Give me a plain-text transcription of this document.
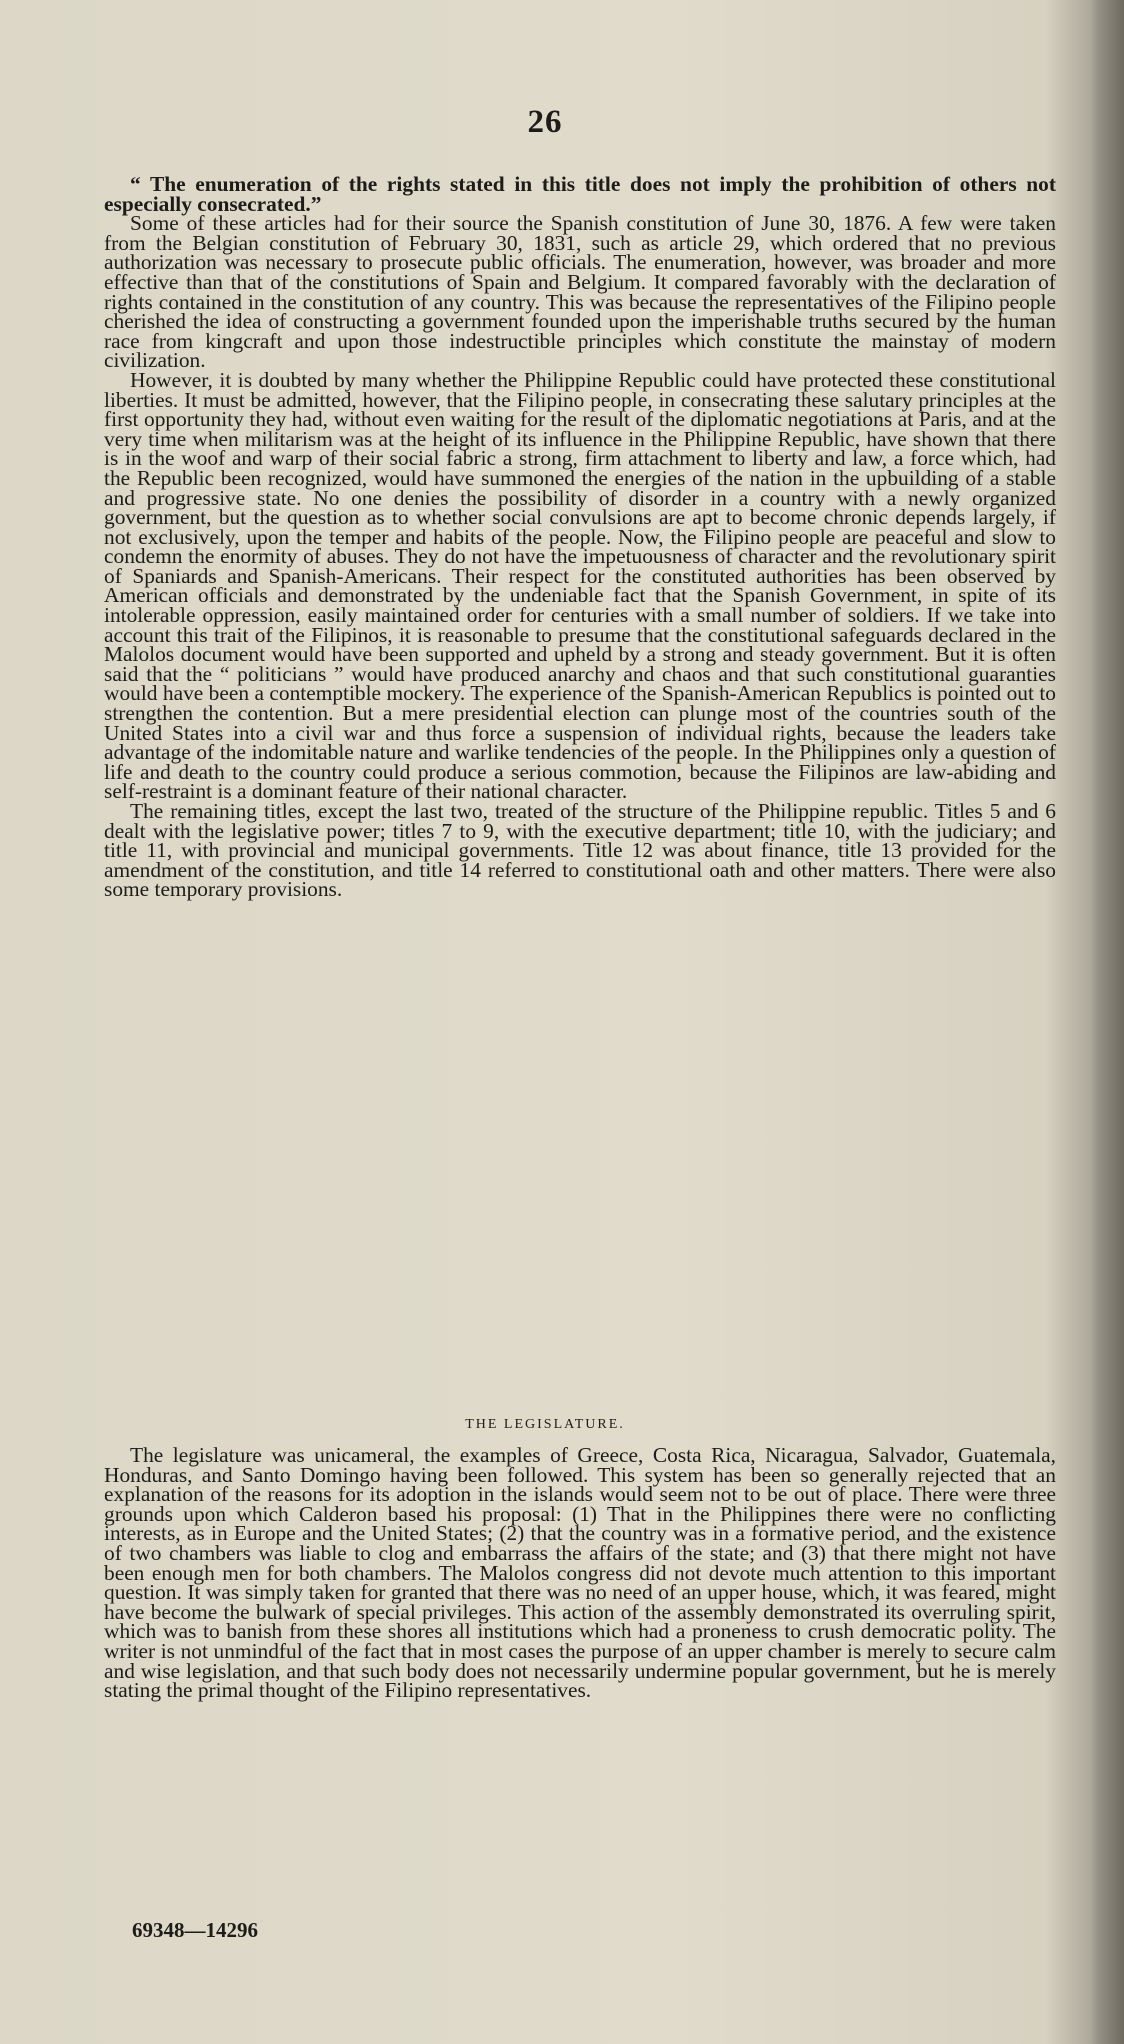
26

“ The enumeration of the rights stated in this title does not imply the prohibition of others not especially consecrated.”

Some of these articles had for their source the Spanish constitution of June 30, 1876. A few were taken from the Belgian constitution of February 30, 1831, such as article 29, which ordered that no previous authorization was necessary to prosecute public officials. The enumeration, however, was broader and more effective than that of the constitutions of Spain and Belgium. It compared favorably with the declaration of rights contained in the constitution of any country. This was because the representatives of the Filipino people cherished the idea of constructing a government founded upon the imperishable truths secured by the human race from kingcraft and upon those indestructible principles which constitute the mainstay of modern civilization.

However, it is doubted by many whether the Philippine Republic could have protected these constitutional liberties. It must be admitted, however, that the Filipino people, in consecrating these salutary principles at the first opportunity they had, without even waiting for the result of the diplomatic negotiations at Paris, and at the very time when militarism was at the height of its influence in the Philippine Republic, have shown that there is in the woof and warp of their social fabric a strong, firm attachment to liberty and law, a force which, had the Republic been recognized, would have summoned the energies of the nation in the upbuilding of a stable and progressive state. No one denies the possibility of disorder in a country with a newly organized government, but the question as to whether social convulsions are apt to become chronic depends largely, if not exclusively, upon the temper and habits of the people. Now, the Filipino people are peaceful and slow to condemn the enormity of abuses. They do not have the impetuousness of character and the revolutionary spirit of Spaniards and Spanish-Americans. Their respect for the constituted authorities has been observed by American officials and demonstrated by the undeniable fact that the Spanish Government, in spite of its intolerable oppression, easily maintained order for centuries with a small number of soldiers. If we take into account this trait of the Filipinos, it is reasonable to presume that the constitutional safeguards declared in the Malolos document would have been supported and upheld by a strong and steady government. But it is often said that the “ politicians ” would have produced anarchy and chaos and that such constitutional guaranties would have been a contemptible mockery. The experience of the Spanish-American Republics is pointed out to strengthen the contention. But a mere presidential election can plunge most of the countries south of the United States into a civil war and thus force a suspension of individual rights, because the leaders take advantage of the indomitable nature and warlike tendencies of the people. In the Philippines only a question of life and death to the country could produce a serious commotion, because the Filipinos are law-abiding and self-restraint is a dominant feature of their national character.

The remaining titles, except the last two, treated of the structure of the Philippine republic. Titles 5 and 6 dealt with the legislative power; titles 7 to 9, with the executive department; title 10, with the judiciary; and title 11, with provincial and municipal governments. Title 12 was about finance, title 13 provided for the amendment of the constitution, and title 14 referred to constitutional oath and other matters. There were also some temporary provisions.

THE LEGISLATURE.

The legislature was unicameral, the examples of Greece, Costa Rica, Nicaragua, Salvador, Guatemala, Honduras, and Santo Domingo having been followed. This system has been so generally rejected that an explanation of the reasons for its adoption in the islands would seem not to be out of place. There were three grounds upon which Calderon based his proposal: (1) That in the Philippines there were no conflicting interests, as in Europe and the United States; (2) that the country was in a formative period, and the existence of two chambers was liable to clog and embarrass the affairs of the state; and (3) that there might not have been enough men for both chambers. The Malolos congress did not devote much attention to this important question. It was simply taken for granted that there was no need of an upper house, which, it was feared, might have become the bulwark of special privileges. This action of the assembly demonstrated its overruling spirit, which was to banish from these shores all institutions which had a proneness to crush democratic polity. The writer is not unmindful of the fact that in most cases the purpose of an upper chamber is merely to secure calm and wise legislation, and that such body does not necessarily undermine popular government, but he is merely stating the primal thought of the Filipino representatives.

69348—14296
